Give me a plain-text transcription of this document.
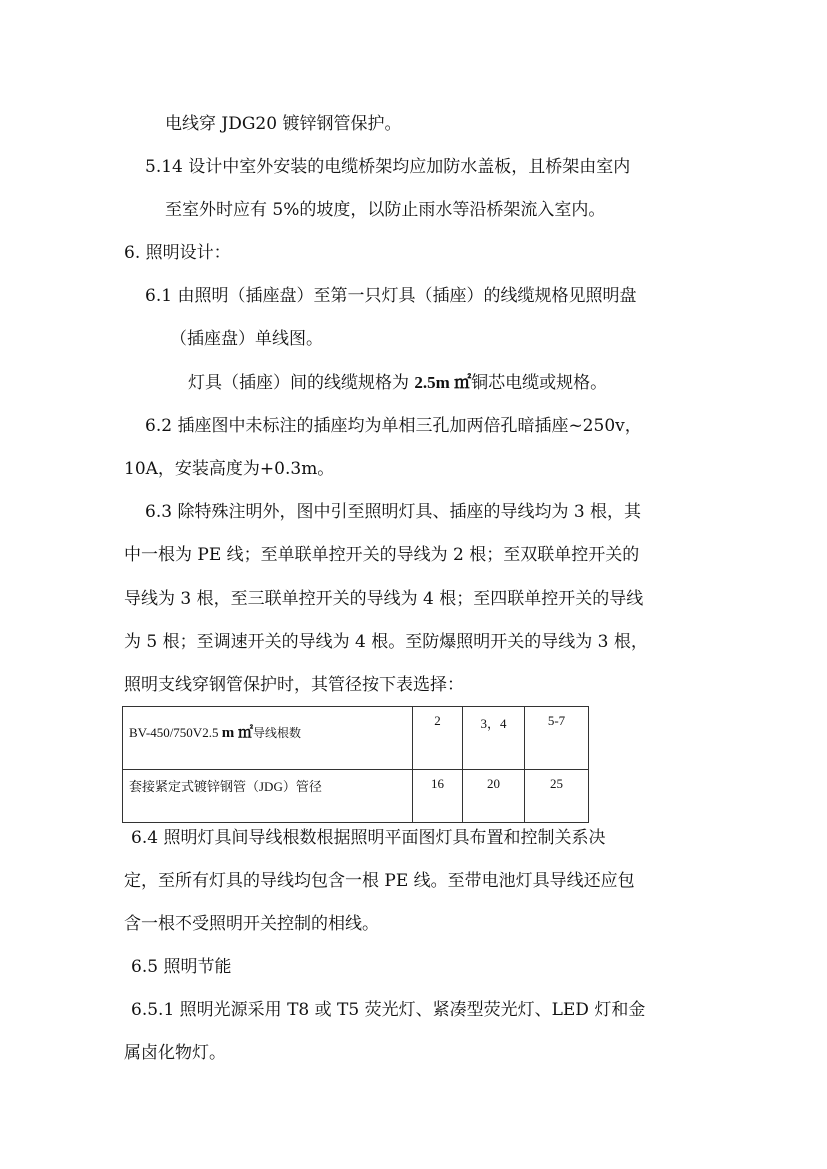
电线穿 JDG20 镀锌钢管保护。
5.14 设计中室外安装的电缆桥架均应加防水盖板，且桥架由室内
至室外时应有 5%的坡度，以防止雨水等沿桥架流入室内。
6. 照明设计：
6.1 由照明（插座盘）至第一只灯具（插座）的线缆规格见照明盘
（插座盘）单线图。
灯具（插座）间的线缆规格为 2.5m ㎡铜芯电缆或规格。
6.2 插座图中未标注的插座均为单相三孔加两倍孔暗插座~250v，
10A，安装高度为+0.3m。
6.3 除特殊注明外，图中引至照明灯具、插座的导线均为 3 根，其
中一根为 PE 线；至单联单控开关的导线为 2 根；至双联单控开关的
导线为 3 根，至三联单控开关的导线为 4 根；至四联单控开关的导线
为 5 根；至调速开关的导线为 4 根。至防爆照明开关的导线为 3 根，
照明支线穿钢管保护时，其管径按下表选择：
BV-450/750V2.5 m ㎡导线根数	2	3，4	5-7
套接紧定式镀锌钢管（JDG）管径	16	20	25
6.4 照明灯具间导线根数根据照明平面图灯具布置和控制关系决
定，至所有灯具的导线均包含一根 PE 线。至带电池灯具导线还应包
含一根不受照明开关控制的相线。
6.5 照明节能
6.5.1 照明光源采用 T8 或 T5 荧光灯、紧凑型荧光灯、LED 灯和金
属卤化物灯。
